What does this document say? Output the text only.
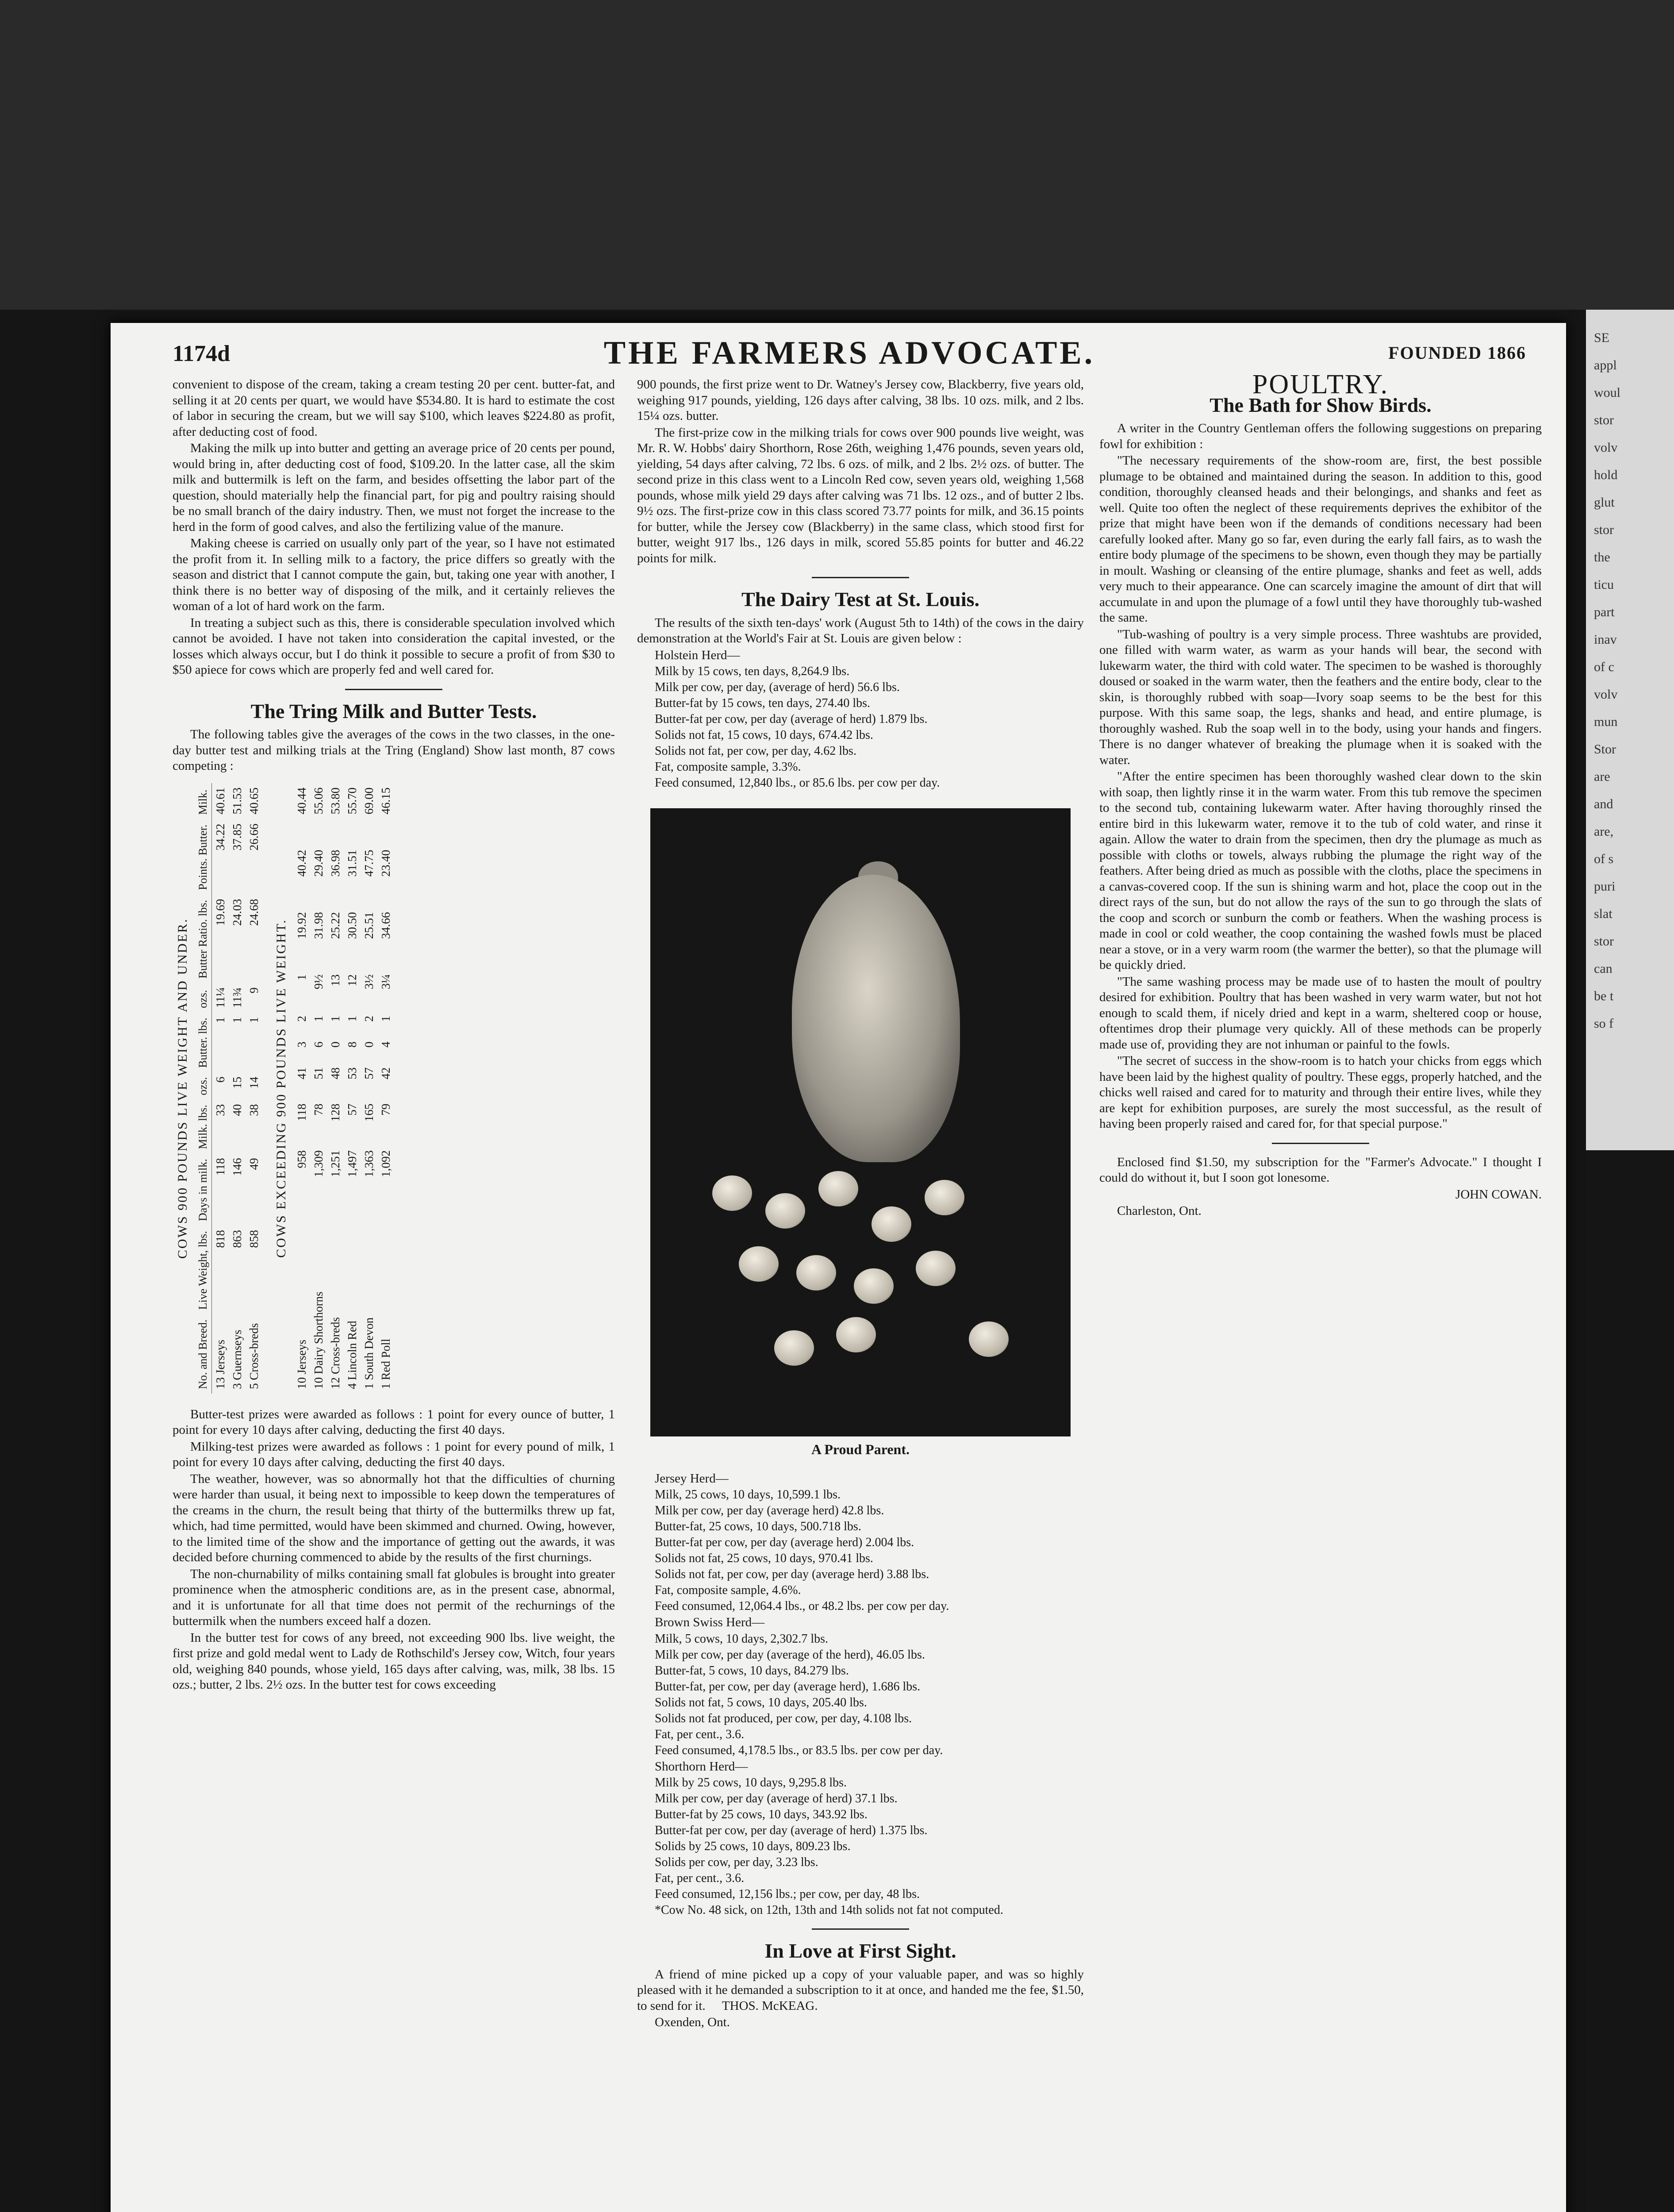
SE
appl
woul
stor
volv
hold
glut
stor
the
ticu
part
inav
of c
volv
mun
Stor
are
and
are,
of s
puri
slat
stor
can
be t
so f
1174d	THE FARMERS ADVOCATE.	FOUNDED 1866

convenient to dispose of the cream, taking a cream testing 20 per cent. butter-fat, and selling it at 20 cents per quart, we would have $534.80. It is hard to estimate the cost of labor in securing the cream, but we will say $100, which leaves $224.80 as profit, after deducting cost of food.

Making the milk up into butter and getting an average price of 20 cents per pound, would bring in, after deducting cost of food, $109.20. In the latter case, all the skim milk and buttermilk is left on the farm, and besides offsetting the labor part of the question, should materially help the financial part, for pig and poultry raising should be no small branch of the dairy industry. Then, we must not forget the increase to the herd in the form of good calves, and also the fertilizing value of the manure.

Making cheese is carried on usually only part of the year, so I have not estimated the profit from it. In selling milk to a factory, the price differs so greatly with the season and district that I cannot compute the gain, but, taking one year with another, I think there is no better way of disposing of the milk, and it certainly relieves the woman of a lot of hard work on the farm.

In treating a subject such as this, there is considerable speculation involved which cannot be avoided. I have not taken into consideration the capital invested, or the losses which always occur, but I do think it possible to secure a profit of from $30 to $50 apiece for cows which are properly fed and well cared for.

The Tring Milk and Butter Tests.

The following tables give the averages of the cows in the two classes, in the one-day butter test and milking trials at the Tring (England) Show last month, 87 cows competing :

COWS 900 POUNDS LIVE WEIGHT AND UNDER.
No. and Breed.	Live Weight, lbs.	Days in milk.	Milk. lbs.	ozs.	Butter. lbs.	ozs.	Butter Ratio. lbs.	Points. Butter.	Milk.
13 Jerseys	818	118	33	6	1	11¼	19.69	34.22	40.61
3 Guernseys	863	146	40	15	1	11¾	24.03	37.85	51.53
5 Cross-breds	858	49	38	14	1	9	24.68	26.66	40.65
COWS EXCEEDING 900 POUNDS LIVE WEIGHT.
10 Jerseys	958	118	41	3	2	1	19.92	40.42	40.44
10 Dairy Shorthorns	1,309	78	51	6	1	9½	31.98	29.40	55.06
12 Cross-breds	1,251	128	48	0	1	13	25.22	36.98	53.80
4 Lincoln Red	1,497	57	53	8	1	12	30.50	31.51	55.70
1 South Devon	1,363	165	57	0	2	3½	25.51	47.75	69.00
1 Red Poll	1,092	79	42	4	1	3¼	34.66	23.40	46.15

Butter-test prizes were awarded as follows : 1 point for every ounce of butter, 1 point for every 10 days after calving, deducting the first 40 days.

Milking-test prizes were awarded as follows : 1 point for every pound of milk, 1 point for every 10 days after calving, deducting the first 40 days.

The weather, however, was so abnormally hot that the difficulties of churning were harder than usual, it being next to impossible to keep down the temperatures of the creams in the churn, the result being that thirty of the buttermilks threw up fat, which, had time permitted, would have been skimmed and churned. Owing, however, to the limited time of the show and the importance of getting out the awards, it was decided before churning commenced to abide by the results of the first churnings.

The non-churnability of milks containing small fat globules is brought into greater prominence when the atmospheric conditions are, as in the present case, abnormal, and it is unfortunate for all that time does not permit of the rechurnings of the buttermilk when the numbers exceed half a dozen.

In the butter test for cows of any breed, not exceeding 900 lbs. live weight, the first prize and gold medal went to Lady de Rothschild's Jersey cow, Witch, four years old, weighing 840 pounds, whose yield, 165 days after calving, was, milk, 38 lbs. 15 ozs.; butter, 2 lbs. 2½ ozs. In the butter test for cows exceeding

900 pounds, the first prize went to Dr. Watney's Jersey cow, Blackberry, five years old, weighing 917 pounds, yielding, 126 days after calving, 38 lbs. 10 ozs. milk, and 2 lbs. 15¼ ozs. butter.

The first-prize cow in the milking trials for cows over 900 pounds live weight, was Mr. R. W. Hobbs' dairy Shorthorn, Rose 26th, weighing 1,476 pounds, seven years old, yielding, 54 days after calving, 72 lbs. 6 ozs. of milk, and 2 lbs. 2½ ozs. of butter. The second prize in this class went to a Lincoln Red cow, seven years old, weighing 1,568 pounds, whose milk yield 29 days after calving was 71 lbs. 12 ozs., and of butter 2 lbs. 9½ ozs. The first-prize cow in this class scored 73.77 points for milk, and 36.15 points for butter, while the Jersey cow (Blackberry) in the same class, which stood first for butter, weight 917 lbs., 126 days in milk, scored 55.85 points for butter and 46.22 points for milk.

The Dairy Test at St. Louis.

The results of the sixth ten-days' work (August 5th to 14th) of the cows in the dairy demonstration at the World's Fair at St. Louis are given below :

Holstein Herd—

Milk by 15 cows, ten days, 8,264.9 lbs.

Milk per cow, per day, (average of herd) 56.6 lbs.

Butter-fat by 15 cows, ten days, 274.40 lbs.

Butter-fat per cow, per day (average of herd) 1.879 lbs.

Solids not fat, 15 cows, 10 days, 674.42 lbs.

Solids not fat, per cow, per day, 4.62 lbs.

Fat, composite sample, 3.3%.

Feed consumed, 12,840 lbs., or 85.6 lbs. per cow per day.

A Proud Parent.

Jersey Herd—

Milk, 25 cows, 10 days, 10,599.1 lbs.

Milk per cow, per day (average herd) 42.8 lbs.

Butter-fat, 25 cows, 10 days, 500.718 lbs.

Butter-fat per cow, per day (average herd) 2.004 lbs.

Solids not fat, 25 cows, 10 days, 970.41 lbs.

Solids not fat, per cow, per day (average herd) 3.88 lbs.

Fat, composite sample, 4.6%.

Feed consumed, 12,064.4 lbs., or 48.2 lbs. per cow per day.

Brown Swiss Herd—

Milk, 5 cows, 10 days, 2,302.7 lbs.

Milk per cow, per day (average of the herd), 46.05 lbs.

Butter-fat, 5 cows, 10 days, 84.279 lbs.

Butter-fat, per cow, per day (average herd), 1.686 lbs.

Solids not fat, 5 cows, 10 days, 205.40 lbs.

Solids not fat produced, per cow, per day, 4.108 lbs.

Fat, per cent., 3.6.

Feed consumed, 4,178.5 lbs., or 83.5 lbs. per cow per day.

Shorthorn Herd—

Milk by 25 cows, 10 days, 9,295.8 lbs.

Milk per cow, per day (average of herd) 37.1 lbs.

Butter-fat by 25 cows, 10 days, 343.92 lbs.

Butter-fat per cow, per day (average of herd) 1.375 lbs.

Solids by 25 cows, 10 days, 809.23 lbs.

Solids per cow, per day, 3.23 lbs.

Fat, per cent., 3.6.

Feed consumed, 12,156 lbs.; per cow, per day, 48 lbs.

*Cow No. 48 sick, on 12th, 13th and 14th solids not fat not computed.

In Love at First Sight.

A friend of mine picked up a copy of your valuable paper, and was so highly pleased with it he demanded a subscription to it at once, and handed me the fee, $1.50, to send for it. THOS. McKEAG.

Oxenden, Ont.

POULTRY.
The Bath for Show Birds.

A writer in the Country Gentleman offers the following suggestions on preparing fowl for exhibition :

"The necessary requirements of the show-room are, first, the best possible plumage to be obtained and maintained during the season. In addition to this, good condition, thoroughly cleansed heads and their belongings, and shanks and feet as well. Quite too often the neglect of these requirements deprives the exhibitor of the prize that might have been won if the demands of conditions necessary had been carefully looked after. Many go so far, even during the early fall fairs, as to wash the entire body plumage of the specimens to be shown, even though they may be partially in moult. Washing or cleansing of the entire plumage, shanks and feet as well, adds very much to their appearance. One can scarcely imagine the amount of dirt that will accumulate in and upon the plumage of a fowl until they have thoroughly tub-washed the same.

"Tub-washing of poultry is a very simple process. Three washtubs are provided, one filled with warm water, as warm as your hands will bear, the second with lukewarm water, the third with cold water. The specimen to be washed is thoroughly doused or soaked in the warm water, then the feathers and the entire body, clear to the skin, is thoroughly rubbed with soap—Ivory soap seems to be the best for this purpose. With this same soap, the legs, shanks and head, and entire plumage, is thoroughly washed. Rub the soap well in to the body, using your hands and fingers. There is no danger whatever of breaking the plumage when it is soaked with the water.

"After the entire specimen has been thoroughly washed clear down to the skin with soap, then lightly rinse it in the warm water. From this tub remove the specimen to the second tub, containing lukewarm water. After having thoroughly rinsed the entire bird in this lukewarm water, remove it to the tub of cold water, and rinse it again. Allow the water to drain from the specimen, then dry the plumage as much as possible with cloths or towels, always rubbing the plumage the right way of the feathers. After being dried as much as possible with the cloths, place the specimens in a canvas-covered coop. If the sun is shining warm and hot, place the coop out in the direct rays of the sun, but do not allow the rays of the sun to go through the slats of the coop and scorch or sunburn the comb or feathers. When the washing process is made in cool or cold weather, the coop containing the washed fowls must be placed near a stove, or in a very warm room (the warmer the better), so that the plumage will be quickly dried.

"The same washing process may be made use of to hasten the moult of poultry desired for exhibition. Poultry that has been washed in very warm water, but not hot enough to scald them, if nicely dried and kept in a warm, sheltered coop or house, oftentimes drop their plumage very quickly. All of these methods can be properly made use of, providing they are not inhuman or painful to the fowls.

"The secret of success in the show-room is to hatch your chicks from eggs which have been laid by the highest quality of poultry. These eggs, properly hatched, and the chicks well raised and cared for to maturity and through their entire lives, while they are kept for exhibition purposes, are surely the most successful, as the result of having been properly raised and cared for, for that special purpose."

Enclosed find $1.50, my subscription for the "Farmer's Advocate." I thought I could do without it, but I soon got lonesome.

JOHN COWAN.

Charleston, Ont.
